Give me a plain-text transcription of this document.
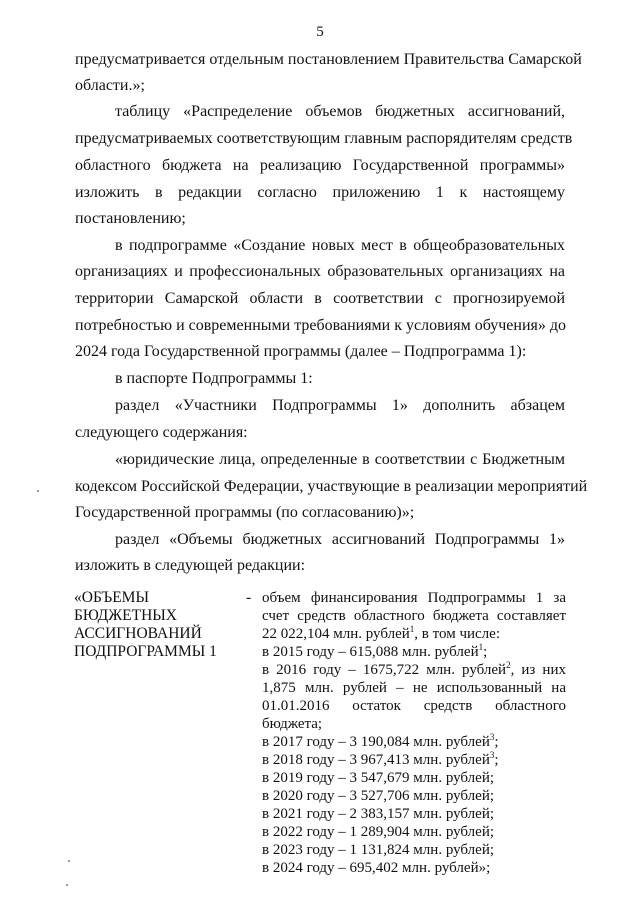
5
предусматривается отдельным постановлением Правительства Самарской
области.»;
таблицу «Распределение объемов бюджетных ассигнований,
предусматриваемых соответствующим главным распорядителям средств
областного бюджета на реализацию Государственной программы»
изложить в редакции согласно приложению 1 к настоящему
постановлению;
в подпрограмме «Создание новых мест в общеобразовательных
организациях и профессиональных образовательных организациях на
территории Самарской области в соответствии с прогнозируемой
потребностью и современными требованиями к условиям обучения» до
2024 года Государственной программы (далее – Подпрограмма 1):
в паспорте Подпрограммы 1:
раздел «Участники Подпрограммы 1» дополнить абзацем
следующего содержания:
«юридические лица, определенные в соответствии с Бюджетным
кодексом Российской Федерации, участвующие в реализации мероприятий
Государственной программы (по согласованию)»;
раздел «Объемы бюджетных ассигнований Подпрограммы 1»
изложить в следующей редакции:
«ОБЪЕМЫ
БЮДЖЕТНЫХ
АССИГНОВАНИЙ
ПОДПРОГРАММЫ 1
- объем финансирования Подпрограммы 1 за
счет средств областного бюджета составляет
22 022,104 млн. рублей$^1$, в том числе:
в 2015 году – 615,088 млн. рублей$^1$;
в 2016 году – 1675,722 млн. рублей$^2$, из них
1,875 млн. рублей – не использованный на
01.01.2016 остаток средств областного
бюджета;
в 2017 году – 3 190,084 млн. рублей$^3$;
в 2018 году – 3 967,413 млн. рублей$^3$;
в 2019 году – 3 547,679 млн. рублей;
в 2020 году – 3 527,706 млн. рублей;
в 2021 году – 2 383,157 млн. рублей;
в 2022 году – 1 289,904 млн. рублей;
в 2023 году – 1 131,824 млн. рублей;
в 2024 году – 695,402 млн. рублей»;
